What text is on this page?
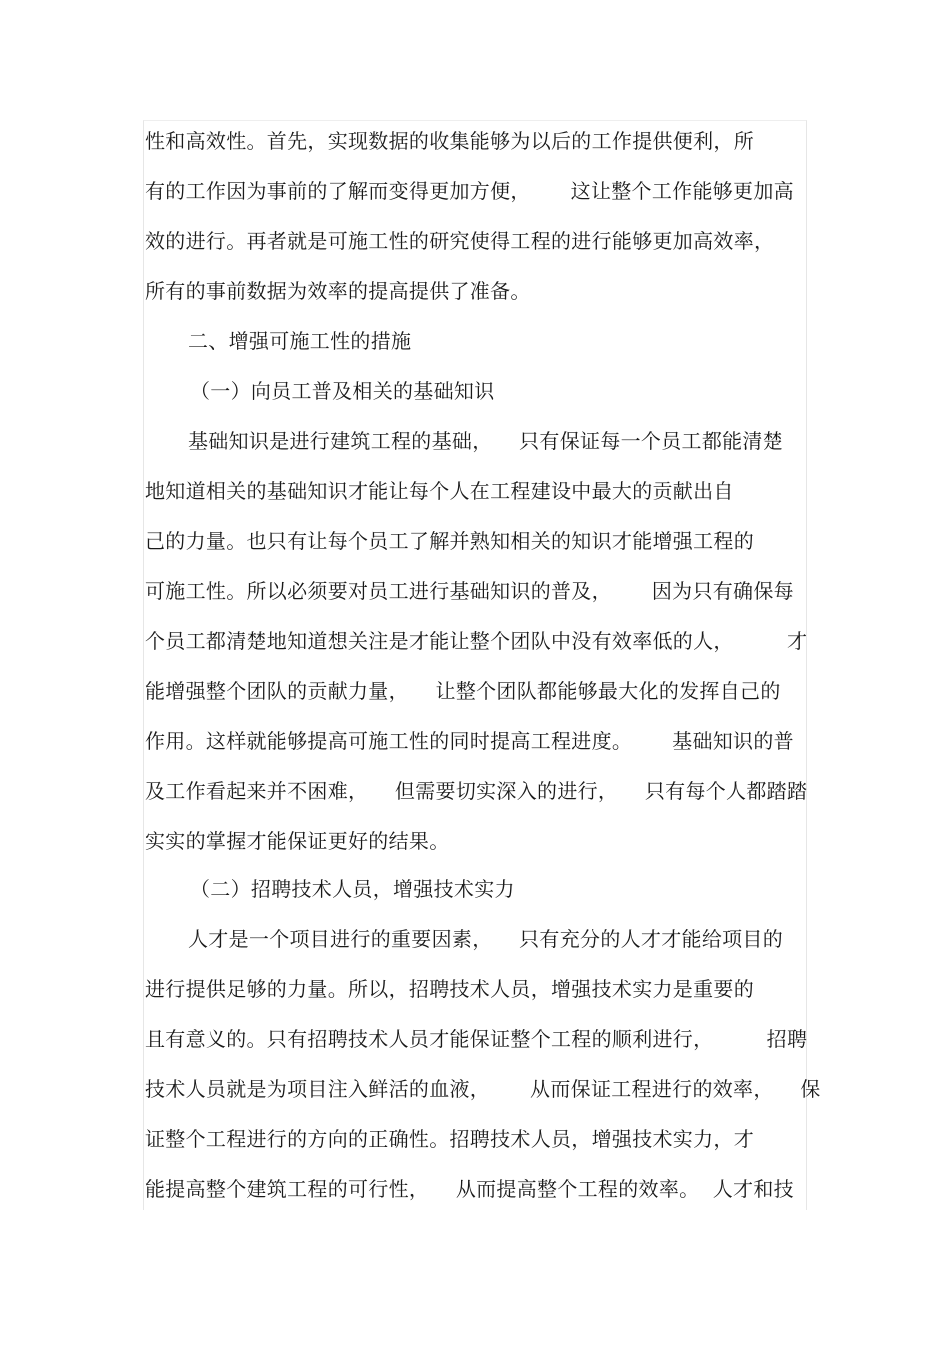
性和高效性。首先，实现数据的收集能够为以后的工作提供便利，所
有的工作因为事前的了解而变得更加方便，      这让整个工作能够更加高
效的进行。再者就是可施工性的研究使得工程的进行能够更加高效率，
所有的事前数据为效率的提高提供了准备。
二、增强可施工性的措施
（一）向员工普及相关的基础知识
基础知识是进行建筑工程的基础，    只有保证每一个员工都能清楚
地知道相关的基础知识才能让每个人在工程建设中最大的贡献出自
己的力量。也只有让每个员工了解并熟知相关的知识才能增强工程的
可施工性。所以必须要对员工进行基础知识的普及，      因为只有确保每
个员工都清楚地知道想关注是才能让整个团队中没有效率低的人，        才
能增强整个团队的贡献力量，    让整个团队都能够最大化的发挥自己的
作用。这样就能够提高可施工性的同时提高工程进度。      基础知识的普
及工作看起来并不困难，    但需要切实深入的进行，    只有每个人都踏踏
实实的掌握才能保证更好的结果。
（二）招聘技术人员，增强技术实力
人才是一个项目进行的重要因素，    只有充分的人才才能给项目的
进行提供足够的力量。所以，招聘技术人员，增强技术实力是重要的
且有意义的。只有招聘技术人员才能保证整个工程的顺利进行，        招聘
技术人员就是为项目注入鲜活的血液，      从而保证工程进行的效率，    保
证整个工程进行的方向的正确性。招聘技术人员，增强技术实力，才
能提高整个建筑工程的可行性，    从而提高整个工程的效率。  人才和技
